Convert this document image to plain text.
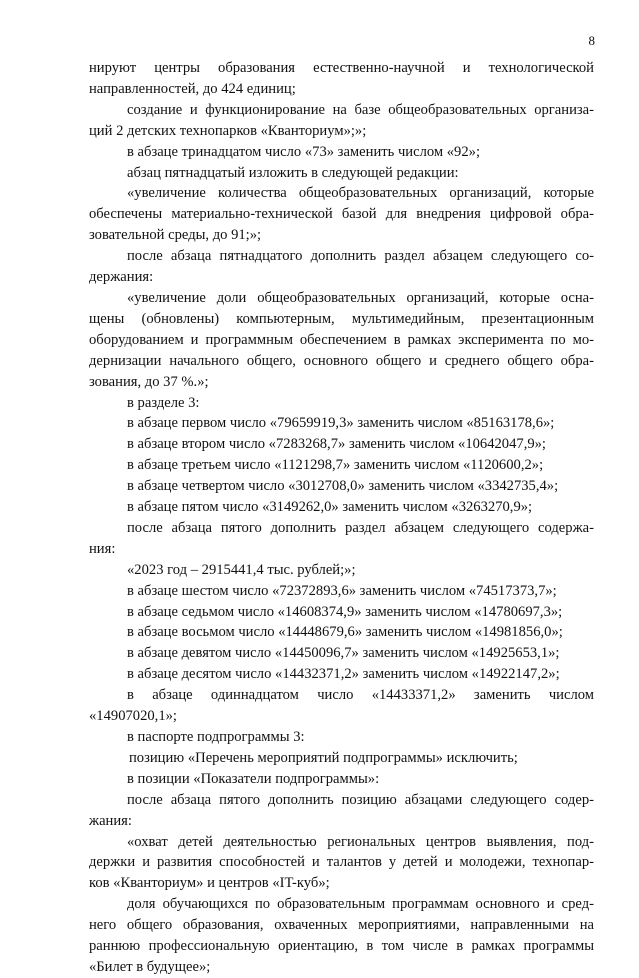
8
нируют центры образования естественно-научной и технологической
направленностей, до 424 единиц;
создание и функционирование на базе общеобразовательных организа-
ций 2 детских технопарков «Кванториум»;»;
в абзаце тринадцатом число «73» заменить числом «92»;
абзац пятнадцатый изложить в следующей редакции:
«увеличение количества общеобразовательных организаций, которые
обеспечены материально-технической базой для внедрения цифровой обра-
зовательной среды, до 91;»;
после абзаца пятнадцатого дополнить раздел абзацем следующего со-
держания:
«увеличение доли общеобразовательных организаций, которые осна-
щены (обновлены) компьютерным, мультимедийным, презентационным
оборудованием и программным обеспечением в рамках эксперимента по мо-
дернизации начального общего, основного общего и среднего общего обра-
зования, до 37 %.»;
в разделе 3:
в абзаце первом число «79659919,3» заменить числом «85163178,6»;
в абзаце втором число «7283268,7» заменить числом «10642047,9»;
в абзаце третьем число «1121298,7» заменить числом «1120600,2»;
в абзаце четвертом число «3012708,0» заменить числом «3342735,4»;
в абзаце пятом число «3149262,0» заменить числом «3263270,9»;
после абзаца пятого дополнить раздел абзацем следующего содержа-
ния:
«2023 год – 2915441,4 тыс. рублей;»;
в абзаце шестом число «72372893,6» заменить числом «74517373,7»;
в абзаце седьмом число «14608374,9» заменить числом «14780697,3»;
в абзаце восьмом число «14448679,6» заменить числом «14981856,0»;
в абзаце девятом число «14450096,7» заменить числом «14925653,1»;
в абзаце десятом число «14432371,2» заменить числом «14922147,2»;
в абзаце одиннадцатом число «14433371,2» заменить числом
«14907020,1»;
в паспорте подпрограммы 3:
позицию «Перечень мероприятий подпрограммы» исключить;
в позиции «Показатели подпрограммы»:
после абзаца пятого дополнить позицию абзацами следующего содер-
жания:
«охват детей деятельностью региональных центров выявления, под-
держки и развития способностей и талантов у детей и молодежи, технопар-
ков «Кванториум» и центров «IT-куб»;
доля обучающихся по образовательным программам основного и сред-
него общего образования, охваченных мероприятиями, направленными на
раннюю профессиональную ориентацию, в том числе в рамках программы
«Билет в будущее»;
